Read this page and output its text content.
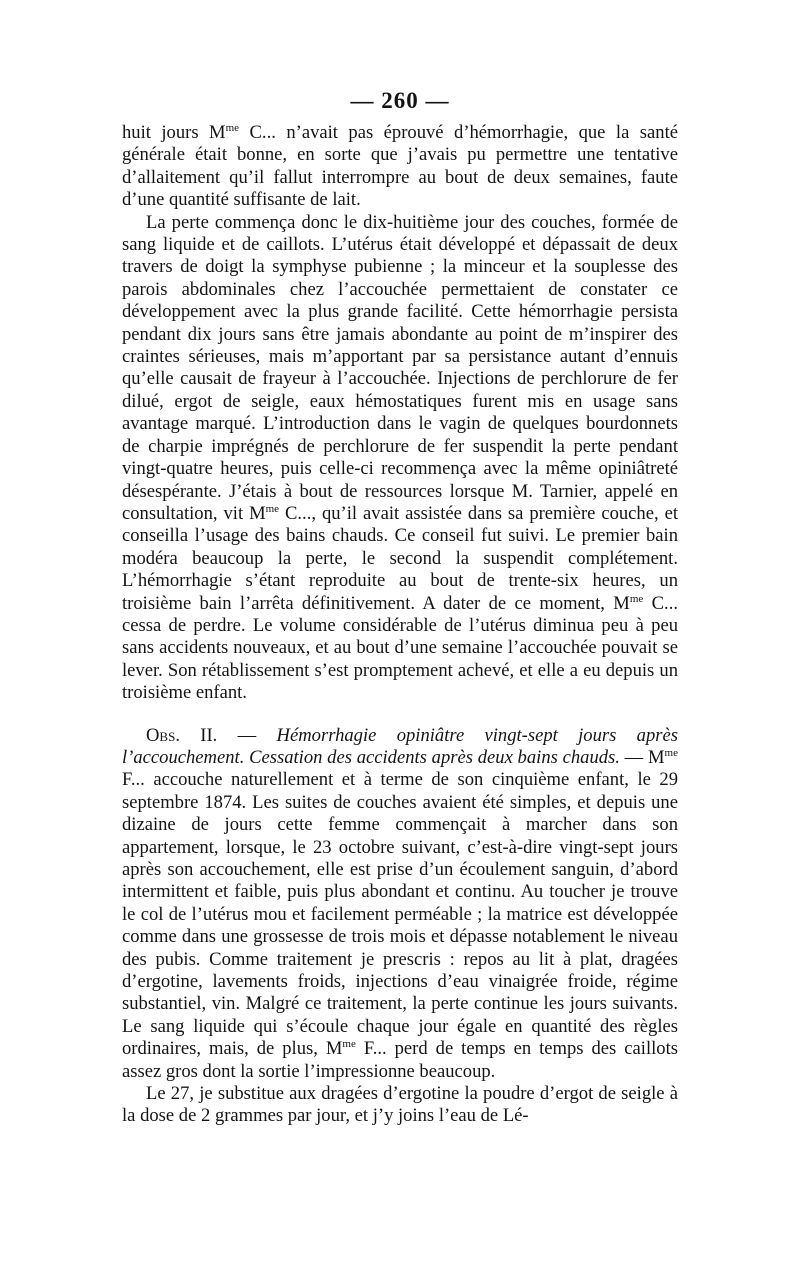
— 260 —

huit jours $M^{me}$ C... n’avait pas éprouvé d’hémorrhagie, que la santé générale était bonne, en sorte que j’avais pu permettre une tentative d’allaitement qu’il fallut interrompre au bout de deux semaines, faute d’une quantité suffisante de lait.

La perte commença donc le dix-huitième jour des couches, formée de sang liquide et de caillots. L’utérus était développé et dépassait de deux travers de doigt la symphyse pubienne ; la minceur et la souplesse des parois abdominales chez l’accouchée permettaient de constater ce développement avec la plus grande facilité. Cette hémorrhagie persista pendant dix jours sans être jamais abondante au point de m’inspirer des craintes sérieuses, mais m’apportant par sa persistance autant d’ennuis qu’elle causait de frayeur à l’accouchée. Injections de perchlorure de fer dilué, ergot de seigle, eaux hémostatiques furent mis en usage sans avantage marqué. L’introduction dans le vagin de quelques bourdonnets de charpie imprégnés de perchlorure de fer suspendit la perte pendant vingt-quatre heures, puis celle-ci recommença avec la même opiniâtreté désespérante. J’étais à bout de ressources lorsque M. Tarnier, appelé en consultation, vit $M^{me}$ C..., qu’il avait assistée dans sa première couche, et conseilla l’usage des bains chauds. Ce conseil fut suivi. Le premier bain modéra beaucoup la perte, le second la suspendit complétement. L’hémorrhagie s’étant reproduite au bout de trente-six heures, un troisième bain l’arrêta définitivement. A dater de ce moment, $M^{me}$ C... cessa de perdre. Le volume considérable de l’utérus diminua peu à peu sans accidents nouveaux, et au bout d’une semaine l’accouchée pouvait se lever. Son rétablissement s’est promptement achevé, et elle a eu depuis un troisième enfant.

Obs. II. — Hémorrhagie opiniâtre vingt-sept jours après l’accouchement. Cessation des accidents après deux bains chauds. — $M^{me}$ F... accouche naturellement et à terme de son cinquième enfant, le 29 septembre 1874. Les suites de couches avaient été simples, et depuis une dizaine de jours cette femme commençait à marcher dans son appartement, lorsque, le 23 octobre suivant, c’est-à-dire vingt-sept jours après son accouchement, elle est prise d’un écoulement sanguin, d’abord intermittent et faible, puis plus abondant et continu. Au toucher je trouve le col de l’utérus mou et facilement perméable ; la matrice est développée comme dans une grossesse de trois mois et dépasse notablement le niveau des pubis. Comme traitement je prescris : repos au lit à plat, dragées d’ergotine, lavements froids, injections d’eau vinaigrée froide, régime substantiel, vin. Malgré ce traitement, la perte continue les jours suivants. Le sang liquide qui s’écoule chaque jour égale en quantité des règles ordinaires, mais, de plus, $M^{me}$ F... perd de temps en temps des caillots assez gros dont la sortie l’impressionne beaucoup.

Le 27, je substitue aux dragées d’ergotine la poudre d’ergot de seigle à la dose de 2 grammes par jour, et j’y joins l’eau de Lé-
